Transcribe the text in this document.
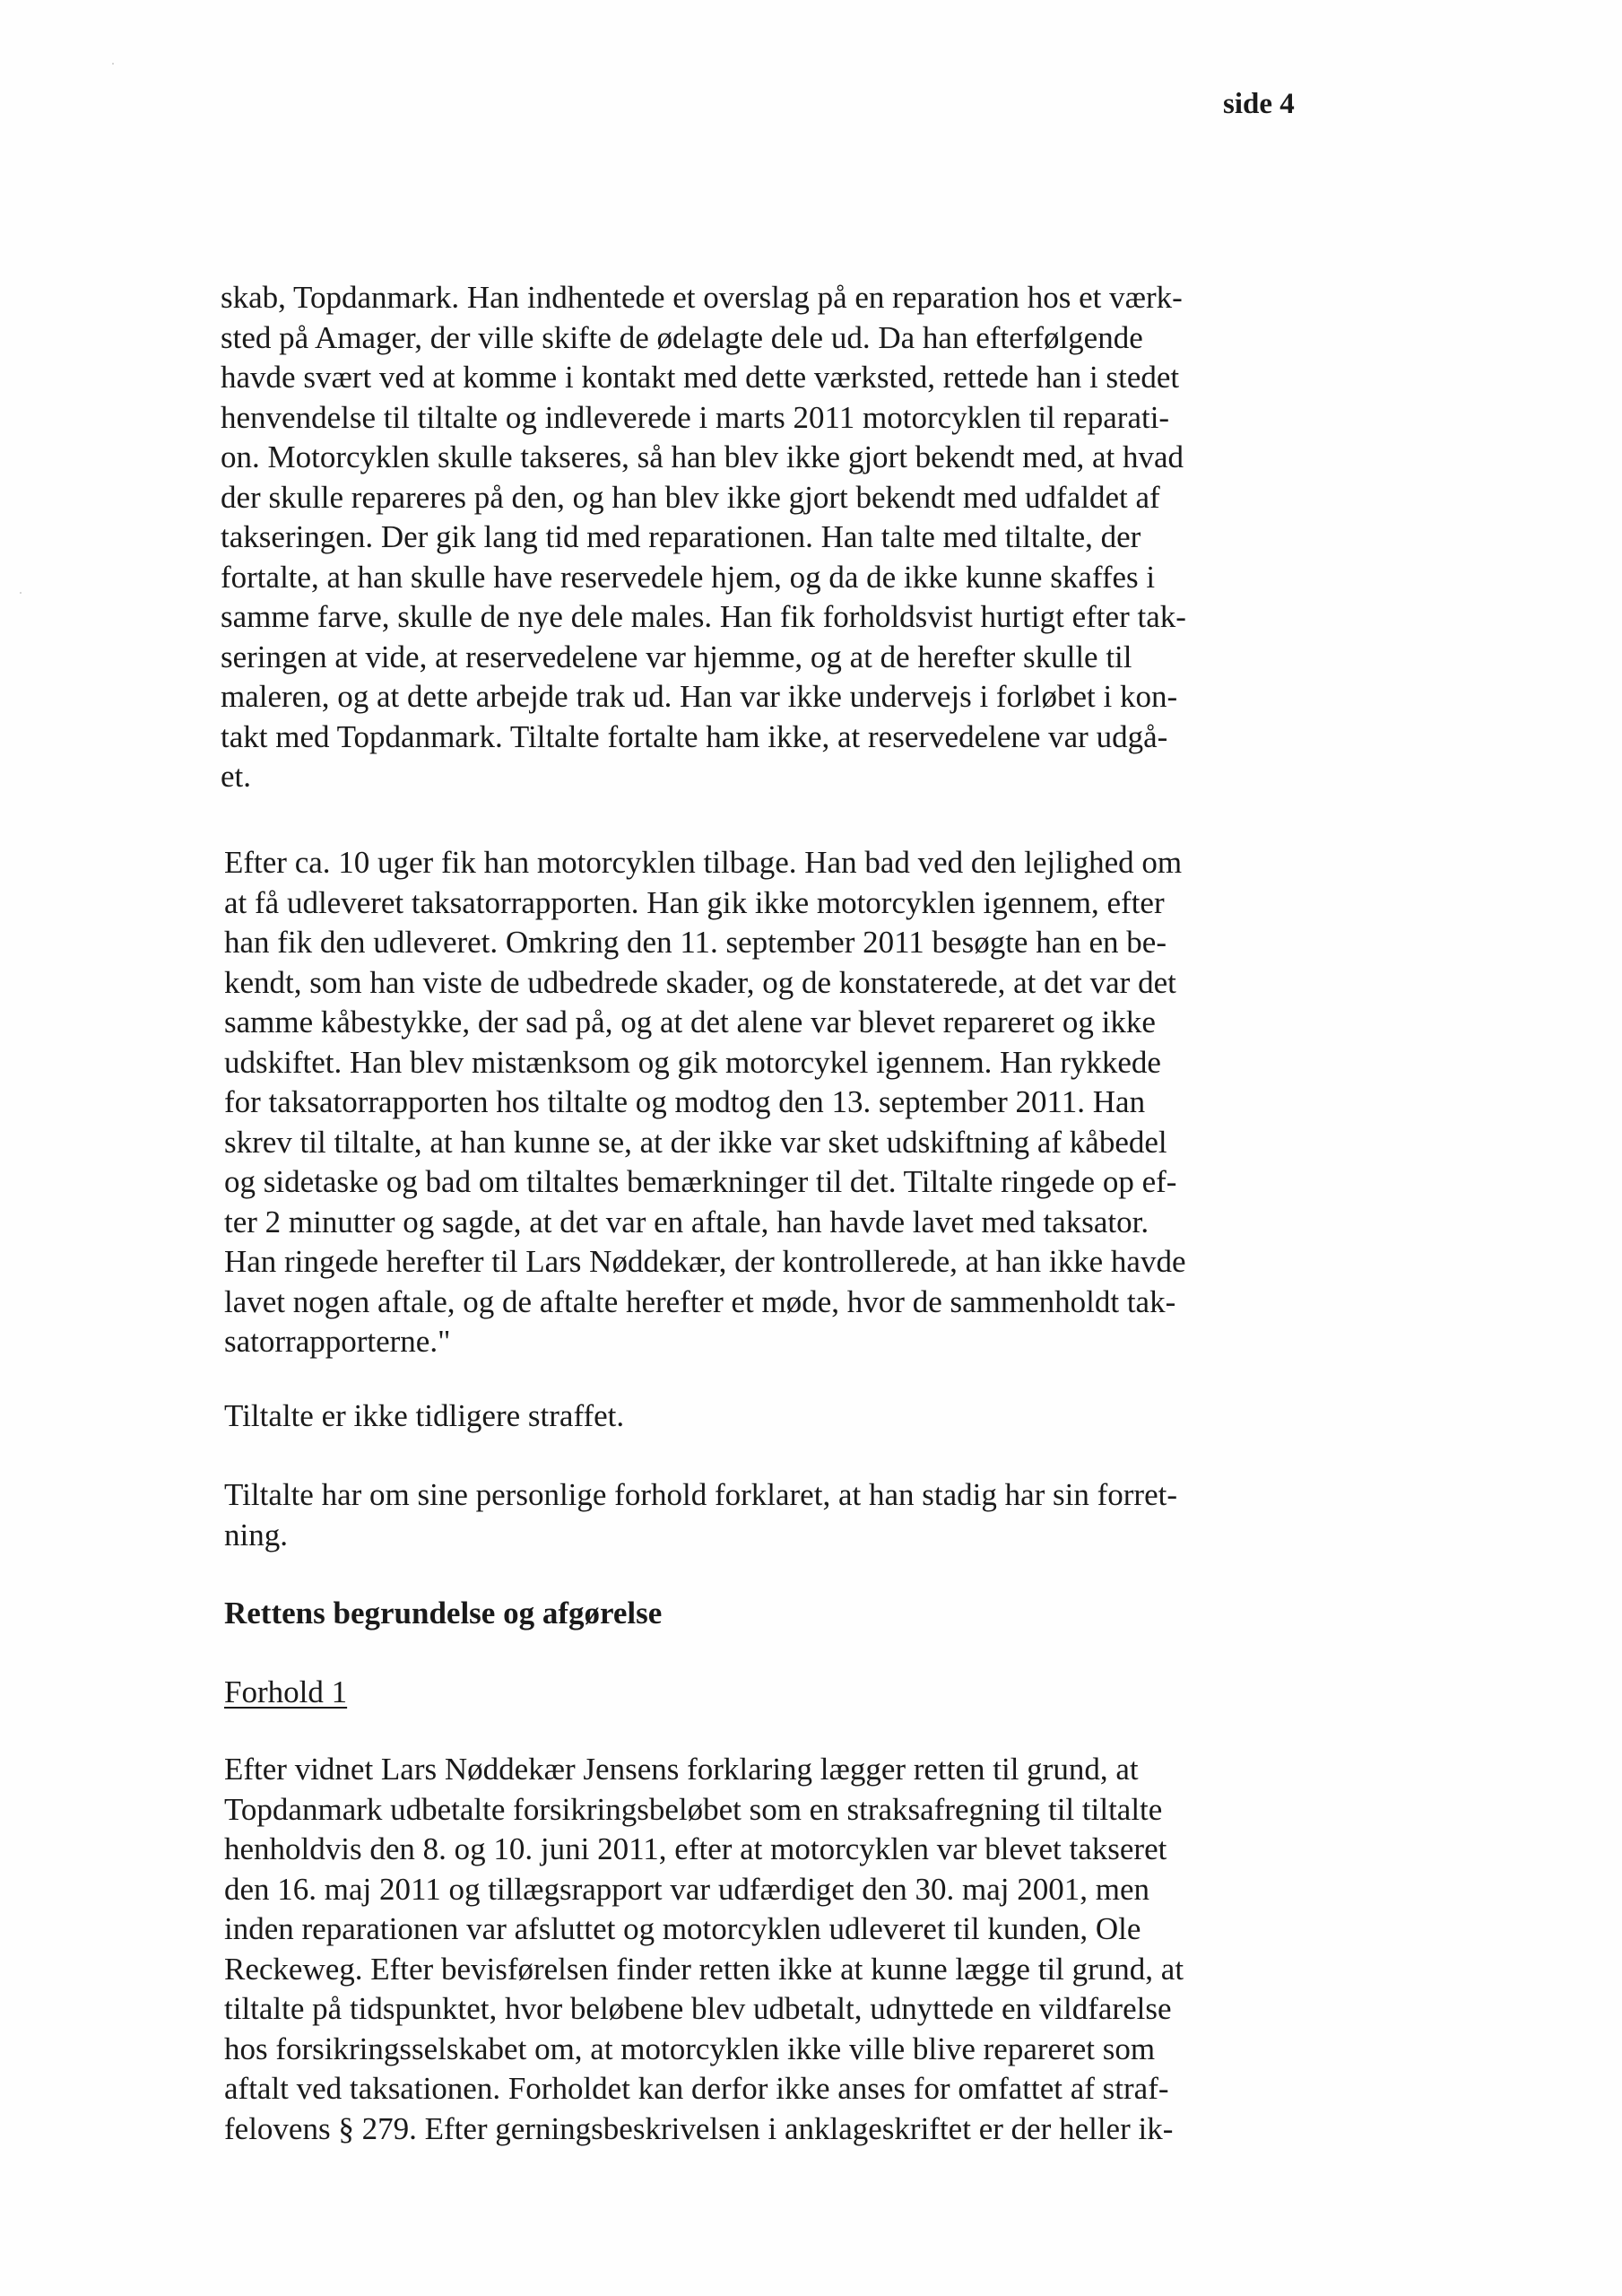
side 4
skab, Topdanmark. Han indhentede et overslag på en reparation hos et værk-
sted på Amager, der ville skifte de ødelagte dele ud. Da han efterfølgende
havde svært ved at komme i kontakt med dette værksted, rettede han i stedet
henvendelse til tiltalte og indleverede i marts 2011 motorcyklen til reparati-
on. Motorcyklen skulle takseres, så han blev ikke gjort bekendt med, at hvad
der skulle repareres på den, og han blev ikke gjort bekendt med udfaldet af
takseringen. Der gik lang tid med reparationen. Han talte med tiltalte, der
fortalte, at han skulle have reservedele hjem, og da de ikke kunne skaffes i
samme farve, skulle de nye dele males. Han fik forholdsvist hurtigt efter tak-
seringen at vide, at reservedelene var hjemme, og at de herefter skulle til
maleren, og at dette arbejde trak ud. Han var ikke undervejs i forløbet i kon-
takt med Topdanmark. Tiltalte fortalte ham ikke, at reservedelene var udgå-
et.
Efter ca. 10 uger fik han motorcyklen tilbage. Han bad ved den lejlighed om
at få udleveret taksatorrapporten. Han gik ikke motorcyklen igennem, efter
han fik den udleveret. Omkring den 11. september 2011 besøgte han en be-
kendt, som han viste de udbedrede skader, og de konstaterede, at det var det
samme kåbestykke, der sad på, og at det alene var blevet repareret og ikke
udskiftet. Han blev mistænksom og gik motorcykel igennem. Han rykkede
for taksatorrapporten hos tiltalte og modtog den 13. september 2011. Han
skrev til tiltalte, at han kunne se, at der ikke var sket udskiftning af kåbedel
og sidetaske og bad om tiltaltes bemærkninger til det. Tiltalte ringede op ef-
ter 2 minutter og sagde, at det var en aftale, han havde lavet med taksator.
Han ringede herefter til Lars Nøddekær, der kontrollerede, at han ikke havde
lavet nogen aftale, og de aftalte herefter et møde, hvor de sammenholdt tak-
satorrapporterne."
Tiltalte er ikke tidligere straffet.
Tiltalte har om sine personlige forhold forklaret, at han stadig har sin forret-
ning.
Rettens begrundelse og afgørelse
Forhold 1
Efter vidnet Lars Nøddekær Jensens forklaring lægger retten til grund, at
Topdanmark udbetalte forsikringsbeløbet som en straksafregning til tiltalte
henholdvis den 8. og 10. juni 2011, efter at motorcyklen var blevet takseret
den 16. maj 2011 og tillægsrapport var udfærdiget den 30. maj 2001, men
inden reparationen var afsluttet og motorcyklen udleveret til kunden, Ole
Reckeweg. Efter bevisførelsen finder retten ikke at kunne lægge til grund, at
tiltalte på tidspunktet, hvor beløbene blev udbetalt, udnyttede en vildfarelse
hos forsikringsselskabet om, at motorcyklen ikke ville blive repareret som
aftalt ved taksationen. Forholdet kan derfor ikke anses for omfattet af straf-
felovens § 279. Efter gerningsbeskrivelsen i anklageskriftet er der heller ik-
